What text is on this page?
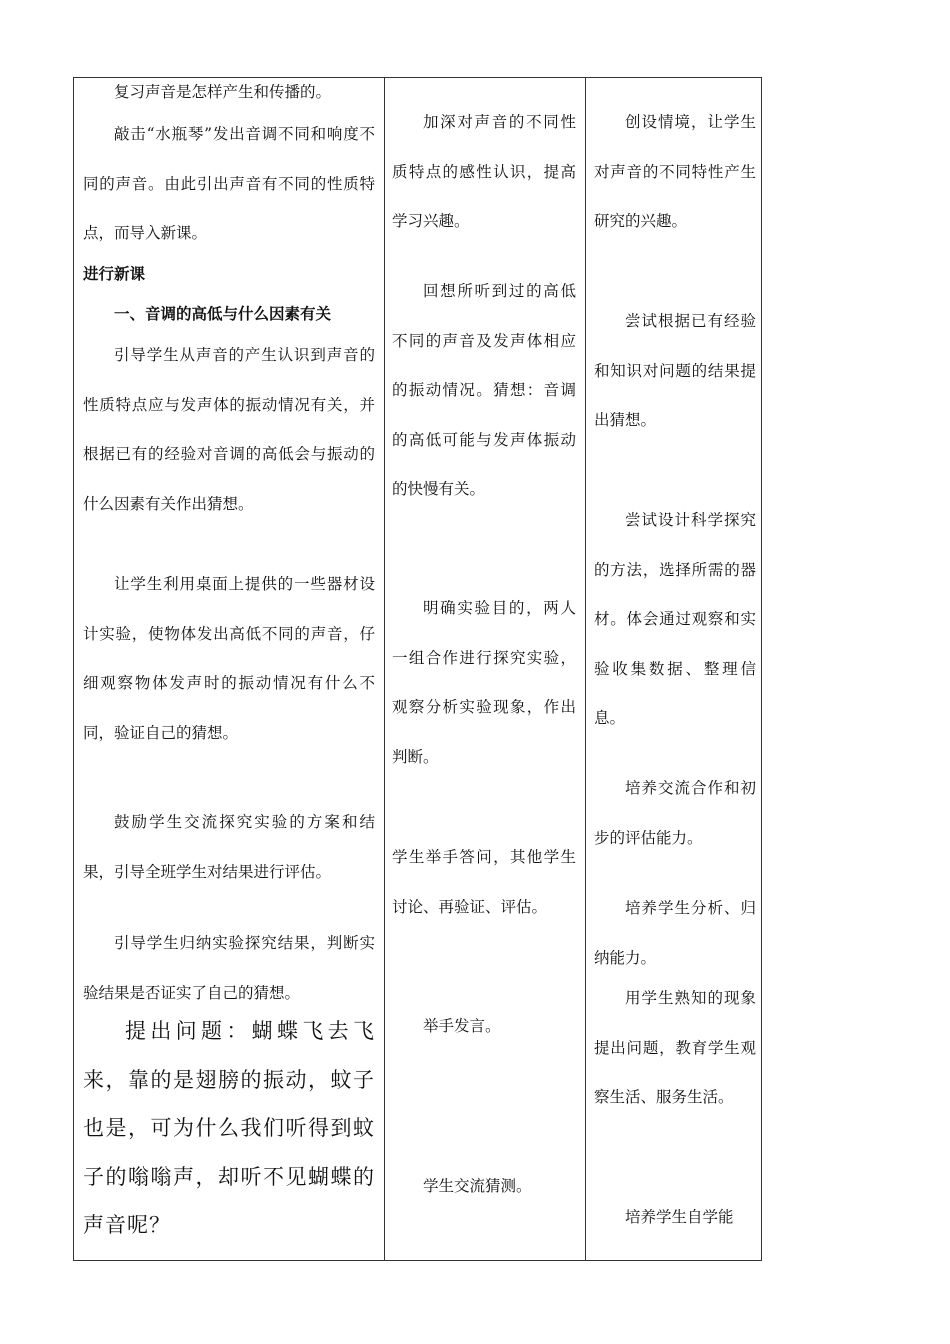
复习声音是怎样产生和传播的。

敲击“水瓶琴”发出音调不同和响度不同的声音。由此引出声音有不同的性质特点，而导入新课。

进行新课

一、音调的高低与什么因素有关

引导学生从声音的产生认识到声音的性质特点应与发声体的振动情况有关，并根据已有的经验对音调的高低会与振动的什么因素有关作出猜想。

让学生利用桌面上提供的一些器材设计实验，使物体发出高低不同的声音，仔细观察物体发声时的振动情况有什么不同，验证自己的猜想。

鼓励学生交流探究实验的方案和结果，引导全班学生对结果进行评估。

引导学生归纳实验探究结果，判断实验结果是否证实了自己的猜想。

提出问题：蝴蝶飞去飞来，靠的是翅膀的振动，蚊子也是，可为什么我们听得到蚊子的嗡嗡声，却听不见蝴蝶的声音呢？

加深对声音的不同性质特点的感性认识，提高学习兴趣。

回想所听到过的高低不同的声音及发声体相应的振动情况。猜想：音调的高低可能与发声体振动的快慢有关。

明确实验目的，两人一组合作进行探究实验，观察分析实验现象，作出判断。

学生举手答问，其他学生讨论、再验证、评估。

举手发言。

学生交流猜测。

创设情境，让学生对声音的不同特性产生研究的兴趣。

尝试根据已有经验和知识对问题的结果提出猜想。

尝试设计科学探究的方法，选择所需的器材。体会通过观察和实验收集数据、整理信息。

培养交流合作和初步的评估能力。

培养学生分析、归纳能力。

用学生熟知的现象提出问题，教育学生观察生活、服务生活。

培养学生自学能
